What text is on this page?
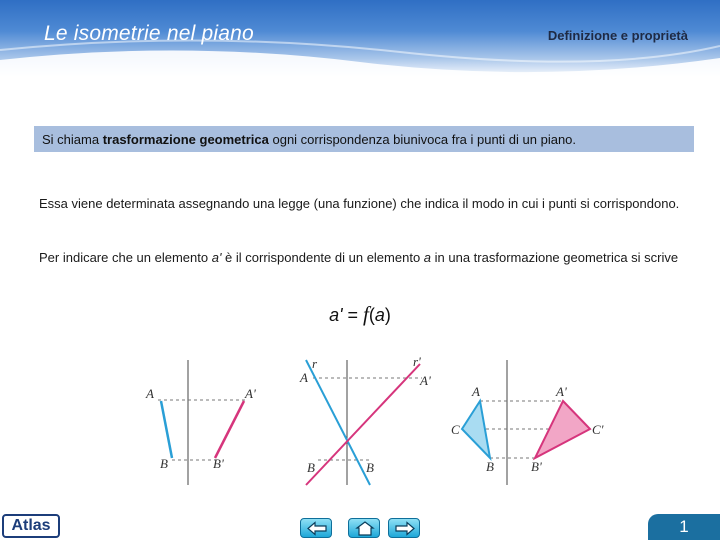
Le isometrie nel piano	Definizione e proprietà
Si chiama trasformazione geometrica ogni corrispondenza biunivoca fra i punti di un piano.
Essa viene determinata assegnando una legge (una funzione) che indica il modo in cui i punti si corrispondono.
Per indicare che un elemento a' è il corrispondente di un elemento a in una trasformazione geometrica si scrive
a' = f(a)
A	A'
B	B'
r	r'
A	A'
B	B
A	A'
C	C'
B	B'
Atlas	1
